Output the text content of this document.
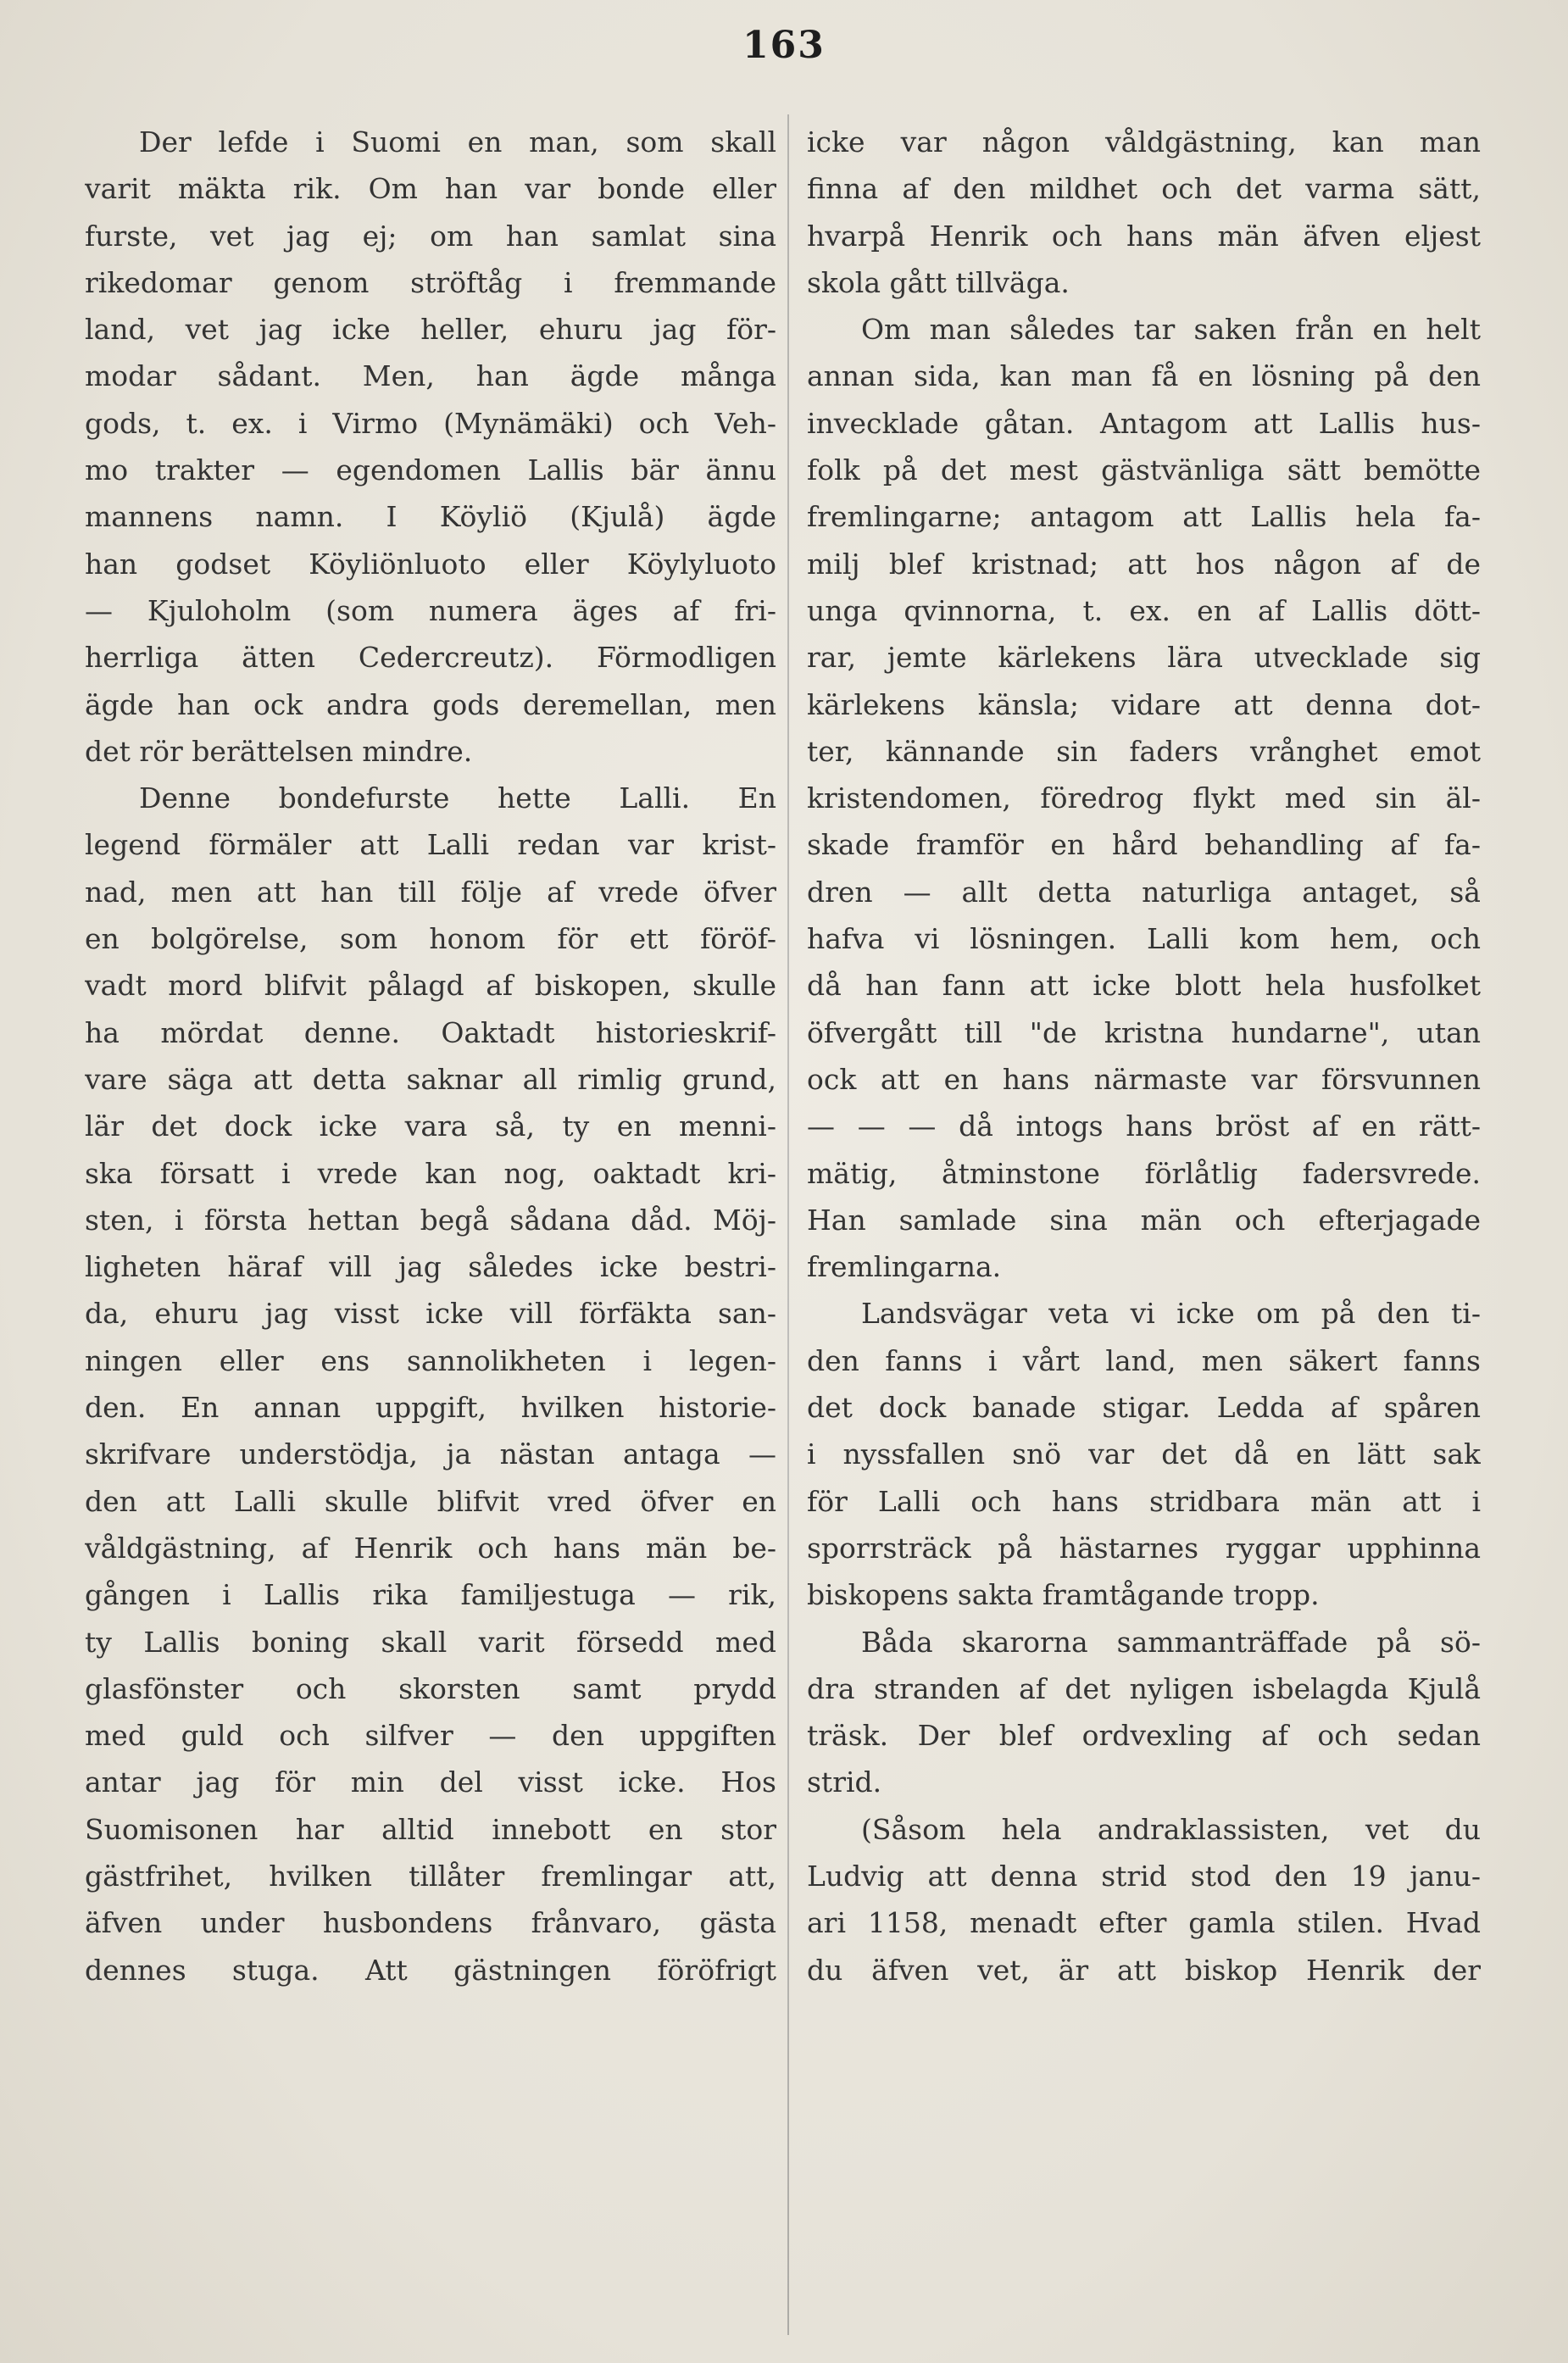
163
Der lefde i Suomi en man, som skall
varit mäkta rik. Om han var bonde eller
furste, vet jag ej; om han samlat sina
rikedomar genom ströftåg i fremmande
land, vet jag icke heller, ehuru jag för-
modar sådant. Men, han ägde många
gods, t. ex. i Virmo (Mynämäki) och Veh-
mo trakter — egendomen Lallis bär ännu
mannens namn. I Köyliö (Kjulå) ägde
han godset Köyliönluoto eller Köylyluoto
— Kjuloholm (som numera äges af fri-
herrliga ätten Cedercreutz). Förmodligen
ägde han ock andra gods deremellan, men
det rör berättelsen mindre.
Denne bondefurste hette Lalli. En
legend förmäler att Lalli redan var krist-
nad, men att han till följe af vrede öfver
en bolgörelse, som honom för ett föröf-
vadt mord blifvit pålagd af biskopen, skulle
ha mördat denne. Oaktadt historieskrif-
vare säga att detta saknar all rimlig grund,
lär det dock icke vara så, ty en menni-
ska försatt i vrede kan nog, oaktadt kri-
sten, i första hettan begå sådana dåd. Möj-
ligheten häraf vill jag således icke bestri-
da, ehuru jag visst icke vill förfäkta san-
ningen eller ens sannolikheten i legen-
den. En annan uppgift, hvilken historie-
skrifvare understödja, ja nästan antaga —
den att Lalli skulle blifvit vred öfver en
våldgästning, af Henrik och hans män be-
gången i Lallis rika familjestuga — rik,
ty Lallis boning skall varit försedd med
glasfönster och skorsten samt prydd
med guld och silfver — den uppgiften
antar jag för min del visst icke. Hos
Suomisonen har alltid innebott en stor
gästfrihet, hvilken tillåter fremlingar att,
äfven under husbondens frånvaro, gästa
dennes stuga. Att gästningen föröfrigt
icke var någon våldgästning, kan man
finna af den mildhet och det varma sätt,
hvarpå Henrik och hans män äfven eljest
skola gått tillväga.
Om man således tar saken från en helt
annan sida, kan man få en lösning på den
inveckladе gåtan. Antagom att Lallis hus-
folk på det mest gästvänliga sätt bemötte
fremlingarne; antagom att Lallis hela fa-
milj blef kristnad; att hos någon af de
unga qvinnorna, t. ex. en af Lallis dött-
rar, jemte kärlekens lära utvecklade sig
kärlekens känsla; vidare att denna dot-
ter, kännande sin faders vrånghet emot
kristendomen, föredrog flykt med sin äl-
skade framför en hård behandling af fa-
dren — allt detta naturliga antaget, så
hafva vi lösningen. Lalli kom hem, och
då han fann att icke blott hela husfolket
öfvergått till "de kristna hundarne", utan
ock att en hans närmaste var försvunnen
— — — då intogs hans bröst af en rätt-
mätig, åtminstone förlåtlig fadersvrede.
Han samlade sina män och efterjagade
fremlingarna.
Landsvägar veta vi icke om på den ti-
den fanns i vårt land, men säkert fanns
det dock banade stigar. Ledda af spåren
i nyssfallen snö var det då en lätt sak
för Lalli och hans stridbara män att i
sporrsträck på hästarnes ryggar upphinna
biskopens sakta framtågande tropp.
Båda skarorna sammanträffade på sö-
dra stranden af det nyligen isbelagda Kjulå
träsk. Der blef ordvexling af och sedan
strid.
(Såsom hela andraklassisten, vet du
Ludvig att denna strid stod den 19 janu-
ari 1158, menadt efter gamla stilen. Hvad
du äfven vet, är att biskop Henrik der
